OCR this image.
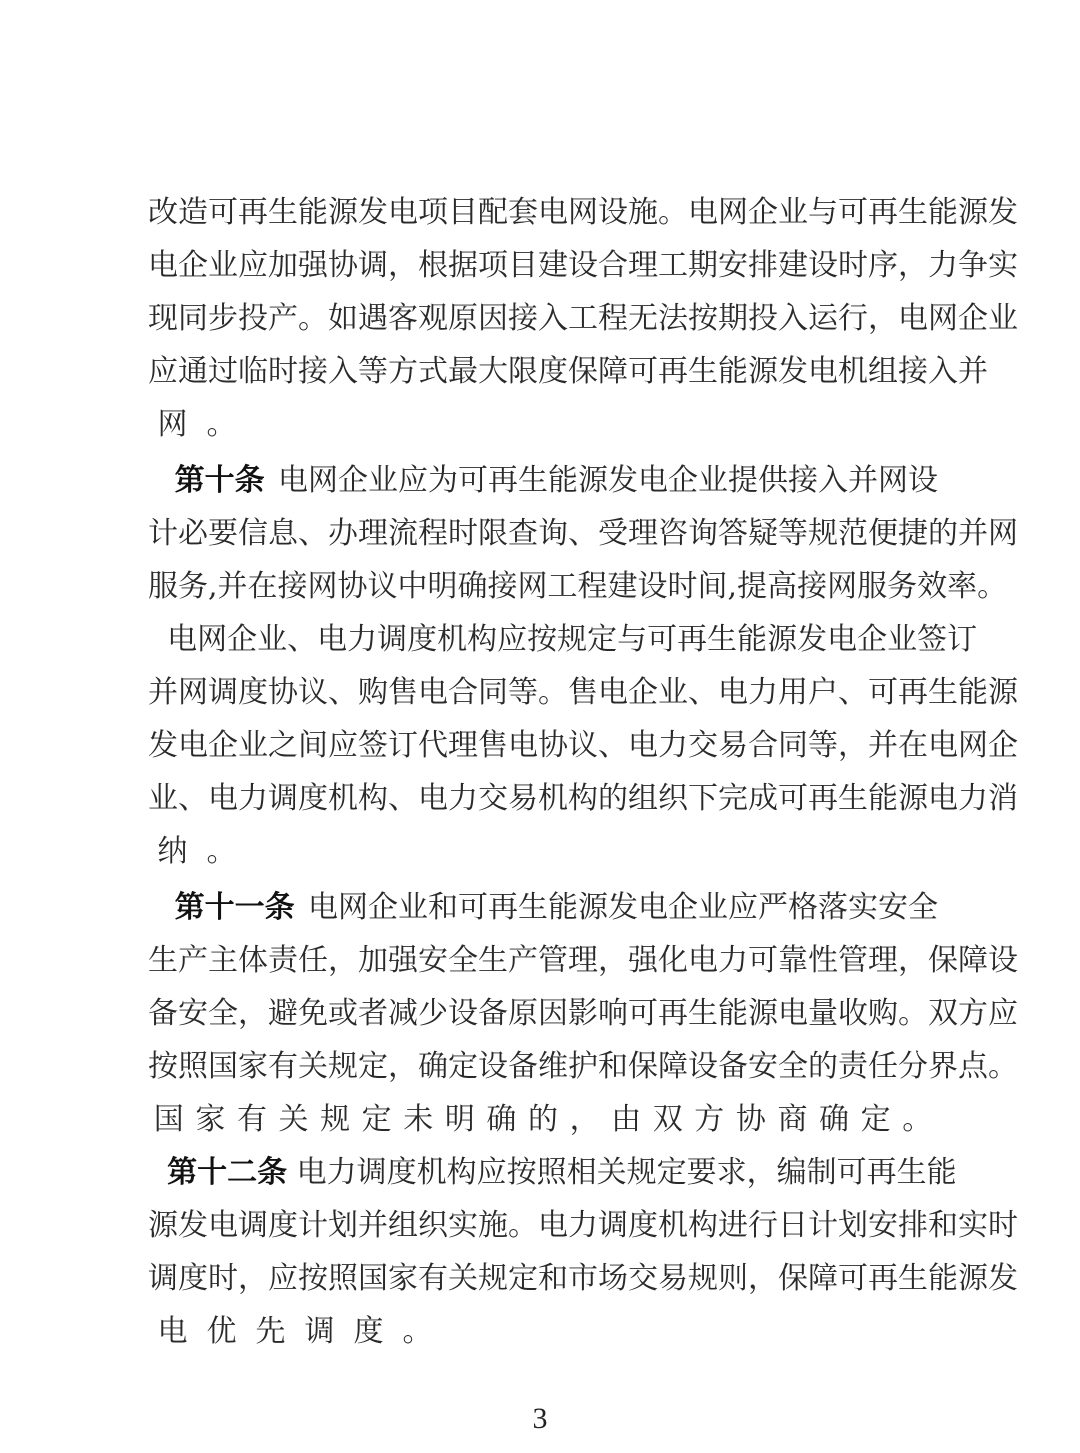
改 造 可 再 生 能 源 发 电 项 目 配 套 电 网 设 施 。 电 网 企 业 与 可 再 生 能 源 发
电 企 业 应 加 强 协 调 ， 根 据 项 目 建 设 合 理 工 期 安 排 建 设 时 序 ， 力 争 实
现 同 步 投 产 。 如 遇 客 观 原 因 接 入 工 程 无 法 按 期 投 入 运 行 ， 电 网 企 业
应 通 过 临 时 接 入 等 方 式 最 大 限 度 保 障 可 再 生 能 源 发 电 机 组 接 入 并
网 。

第 十 条
电 网 企 业 应 为 可 再 生 能 源 发 电 企 业 提 供 接 入 并 网 设
计 必 要 信 息 、 办 理 流 程 时 限 查 询 、 受 理 咨 询 答 疑 等 规 范 便 捷 的 并 网
服 务 , 并 在 接 网 协 议 中 明 确 接 网 工 程 建 设 时 间 , 提 高 接 网 服 务 效 率 。

电 网 企 业 、 电 力 调 度 机 构 应 按 规 定 与 可 再 生 能 源 发 电 企 业 签 订
并 网 调 度 协 议 、 购 售 电 合 同 等 。 售 电 企 业 、 电 力 用 户 、 可 再 生 能 源
发 电 企 业 之 间 应 签 订 代 理 售 电 协 议 、 电 力 交 易 合 同 等 ， 并 在 电 网 企
业 、 电 力 调 度 机 构 、 电 力 交 易 机 构 的 组 织 下 完 成 可 再 生 能 源 电 力 消
纳 。

第 十 一 条
电 网 企 业 和 可 再 生 能 源 发 电 企 业 应 严 格 落 实 安 全
生 产 主 体 责 任 ， 加 强 安 全 生 产 管 理 ， 强 化 电 力 可 靠 性 管 理 ， 保 障 设
备 安 全 ， 避 免 或 者 减 少 设 备 原 因 影 响 可 再 生 能 源 电 量 收 购 。 双 方 应
按 照 国 家 有 关 规 定 ， 确 定 设 备 维 护 和 保 障 设 备 安 全 的 责 任 分 界 点 。
国 家 有 关 规 定 未 明 确 的 ， 由 双 方 协 商 确 定 。

第 十 二 条
电 力 调 度 机 构 应 按 照 相 关 规 定 要 求 ， 编 制 可 再 生 能
源 发 电 调 度 计 划 并 组 织 实 施 。 电 力 调 度 机 构 进 行 日 计 划 安 排 和 实 时
调 度 时 ， 应 按 照 国 家 有 关 规 定 和 市 场 交 易 规 则 ， 保 障 可 再 生 能 源 发
电 优 先 调 度 。
3
